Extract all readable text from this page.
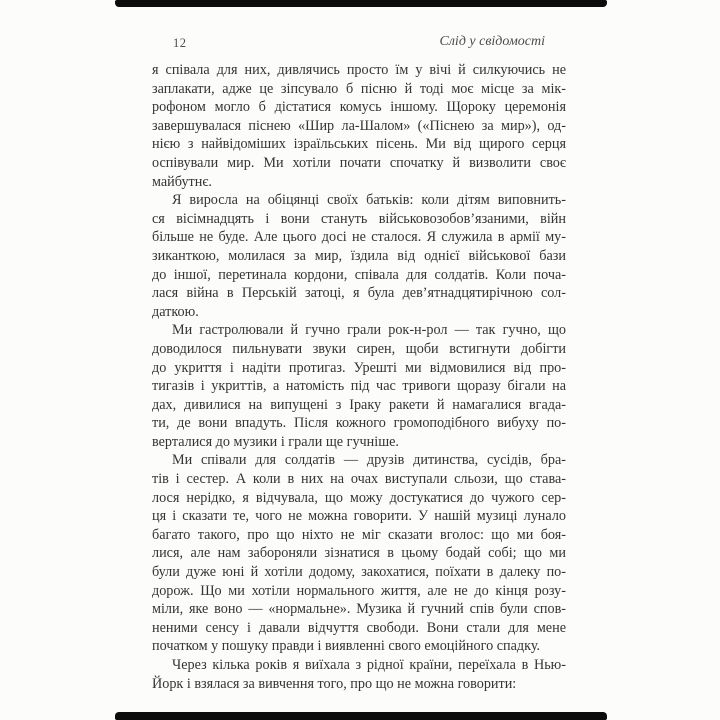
12	Слід у свідомості
я співала для них, дивлячись просто їм у вічі й силкуючись не
заплакати, адже це зіпсувало б пісню й тоді моє місце за мік-
рофоном могло б дістатися комусь іншому. Щороку церемонія
завершувалася піснею «Шир ла-Шалом» («Піснею за мир»), од-
нією з найвідоміших ізраїльських пісень. Ми від щирого серця
оспівували мир. Ми хотіли почати спочатку й визволити своє
майбутнє.
Я виросла на обіцянці своїх батьків: коли дітям виповнить-
ся вісімнадцять і вони стануть військовозобов’язаними, війн
більше не буде. Але цього досі не сталося. Я служила в армії му-
зиканткою, молилася за мир, їздила від однієї військової бази
до іншої, перетинала кордони, співала для солдатів. Коли поча-
лася війна в Перській затоці, я була дев’ятнадцятирічною сол-
даткою.
Ми гастролювали й гучно грали рок-н-рол — так гучно, що
доводилося пильнувати звуки сирен, щоби встигнути добігти
до укриття і надіти протигаз. Урешті ми відмовилися від про-
тигазів і укриттів, а натомість під час тривоги щоразу бігали на
дах, дивилися на випущені з Іраку ракети й намагалися вгада-
ти, де вони впадуть. Після кожного громоподібного вибуху по-
верталися до музики і грали ще гучніше.
Ми співали для солдатів — друзів дитинства, сусідів, бра-
тів і сестер. А коли в них на очах виступали сльози, що става-
лося нерідко, я відчувала, що можу достукатися до чужого сер-
ця і сказати те, чого не можна говорити. У нашій музиці лунало
багато такого, про що ніхто не міг сказати вголос: що ми боя-
лися, але нам забороняли зізнатися в цьому бодай собі; що ми
були дуже юні й хотіли додому, закохатися, поїхати в далеку по-
дорож. Що ми хотіли нормального життя, але не до кінця розу-
міли, яке воно — «нормальне». Музика й гучний спів були спов-
неними сенсу і давали відчуття свободи. Вони стали для мене
початком у пошуку правди і виявленні свого емоційного спадку.
Через кілька років я виїхала з рідної країни, переїхала в Нью-
Йорк і взялася за вивчення того, про що не можна говорити:
